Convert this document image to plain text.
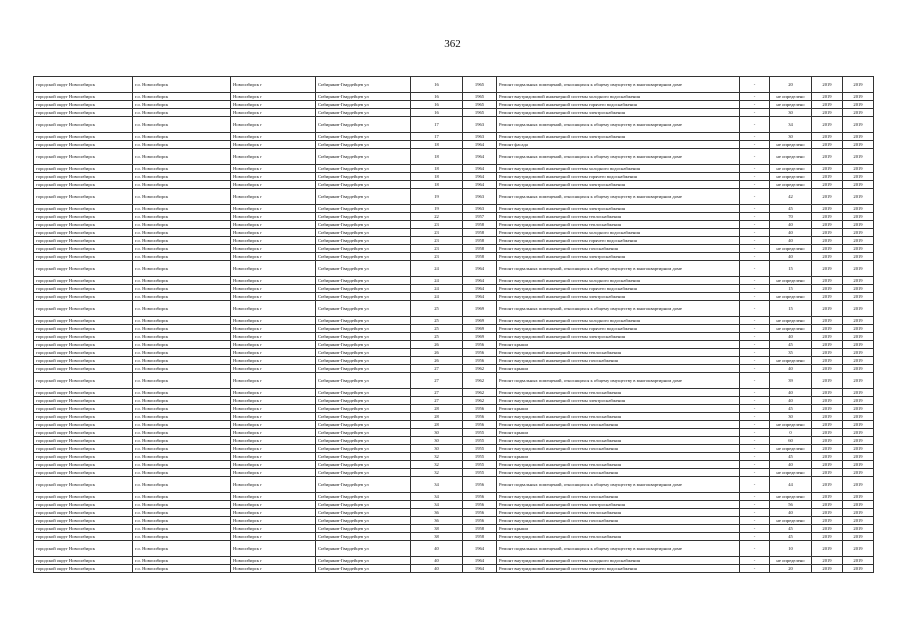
362
городской округ Новосибирск	г.о. Новосибирск	Новосибирск г	Сибиряков-Гвардейцев ул	16	1965	Ремонт подвальных помещений, относящихся к общему имуществу в многоквартирном доме	-	20	2019	2019
городской округ Новосибирск	г.о. Новосибирск	Новосибирск г	Сибиряков-Гвардейцев ул	16	1965	Ремонт внутридомовой инженерной системы холодного водоснабжения	-	не определено	2019	2019
городской округ Новосибирск	г.о. Новосибирск	Новосибирск г	Сибиряков-Гвардейцев ул	16	1965	Ремонт внутридомовой инженерной системы горячего водоснабжения	-	не определено	2019	2019
городской округ Новосибирск	г.о. Новосибирск	Новосибирск г	Сибиряков-Гвардейцев ул	16	1965	Ремонт внутридомовой инженерной системы электроснабжения	-	30	2019	2019
городской округ Новосибирск	г.о. Новосибирск	Новосибирск г	Сибиряков-Гвардейцев ул	17	1963	Ремонт подвальных помещений, относящихся к общему имуществу в многоквартирном доме	-	34	2019	2019
городской округ Новосибирск	г.о. Новосибирск	Новосибирск г	Сибиряков-Гвардейцев ул	17	1963	Ремонт внутридомовой инженерной системы электроснабжения	-	30	2019	2019
городской округ Новосибирск	г.о. Новосибирск	Новосибирск г	Сибиряков-Гвардейцев ул	18	1964	Ремонт фасада	-	не определено	2019	2019
городской округ Новосибирск	г.о. Новосибирск	Новосибирск г	Сибиряков-Гвардейцев ул	18	1964	Ремонт подвальных помещений, относящихся к общему имуществу в многоквартирном доме	-	не определено	2019	2019
городской округ Новосибирск	г.о. Новосибирск	Новосибирск г	Сибиряков-Гвардейцев ул	18	1964	Ремонт внутридомовой инженерной системы холодного водоснабжения	-	не определено	2019	2019
городской округ Новосибирск	г.о. Новосибирск	Новосибирск г	Сибиряков-Гвардейцев ул	18	1964	Ремонт внутридомовой инженерной системы горячего водоснабжения	-	не определено	2019	2019
городской округ Новосибирск	г.о. Новосибирск	Новосибирск г	Сибиряков-Гвардейцев ул	18	1964	Ремонт внутридомовой инженерной системы электроснабжения	-	не определено	2019	2019
городской округ Новосибирск	г.о. Новосибирск	Новосибирск г	Сибиряков-Гвардейцев ул	19	1963	Ремонт подвальных помещений, относящихся к общему имуществу в многоквартирном доме	-	42	2019	2019
городской округ Новосибирск	г.о. Новосибирск	Новосибирск г	Сибиряков-Гвардейцев ул	19	1963	Ремонт внутридомовой инженерной системы электроснабжения	-	45	2019	2019
городской округ Новосибирск	г.о. Новосибирск	Новосибирск г	Сибиряков-Гвардейцев ул	22	1957	Ремонт внутридомовой инженерной системы теплоснабжения	-	70	2019	2019
городской округ Новосибирск	г.о. Новосибирск	Новосибирск г	Сибиряков-Гвардейцев ул	23	1958	Ремонт внутридомовой инженерной системы теплоснабжения	-	40	2019	2019
городской округ Новосибирск	г.о. Новосибирск	Новосибирск г	Сибиряков-Гвардейцев ул	23	1958	Ремонт внутридомовой инженерной системы холодного водоснабжения	-	40	2019	2019
городской округ Новосибирск	г.о. Новосибирск	Новосибирск г	Сибиряков-Гвардейцев ул	23	1958	Ремонт внутридомовой инженерной системы горячего водоснабжения	-	40	2019	2019
городской округ Новосибирск	г.о. Новосибирск	Новосибирск г	Сибиряков-Гвардейцев ул	23	1958	Ремонт внутридомовой инженерной системы газоснабжения	-	не определено	2019	2019
городской округ Новосибирск	г.о. Новосибирск	Новосибирск г	Сибиряков-Гвардейцев ул	23	1958	Ремонт внутридомовой инженерной системы электроснабжения	-	40	2019	2019
городской округ Новосибирск	г.о. Новосибирск	Новосибирск г	Сибиряков-Гвардейцев ул	24	1964	Ремонт подвальных помещений, относящихся к общему имуществу в многоквартирном доме	-	15	2019	2019
городской округ Новосибирск	г.о. Новосибирск	Новосибирск г	Сибиряков-Гвардейцев ул	24	1964	Ремонт внутридомовой инженерной системы холодного водоснабжения	-	не определено	2019	2019
городской округ Новосибирск	г.о. Новосибирск	Новосибирск г	Сибиряков-Гвардейцев ул	24	1964	Ремонт внутридомовой инженерной системы горячего водоснабжения	-	15	2019	2019
городской округ Новосибирск	г.о. Новосибирск	Новосибирск г	Сибиряков-Гвардейцев ул	24	1964	Ремонт внутридомовой инженерной системы электроснабжения	-	не определено	2019	2019
городской округ Новосибирск	г.о. Новосибирск	Новосибирск г	Сибиряков-Гвардейцев ул	25	1969	Ремонт подвальных помещений, относящихся к общему имуществу в многоквартирном доме	-	15	2019	2019
городской округ Новосибирск	г.о. Новосибирск	Новосибирск г	Сибиряков-Гвардейцев ул	25	1969	Ремонт внутридомовой инженерной системы холодного водоснабжения	-	не определено	2019	2019
городской округ Новосибирск	г.о. Новосибирск	Новосибирск г	Сибиряков-Гвардейцев ул	25	1969	Ремонт внутридомовой инженерной системы горячего водоснабжения	-	не определено	2019	2019
городской округ Новосибирск	г.о. Новосибирск	Новосибирск г	Сибиряков-Гвардейцев ул	25	1969	Ремонт внутридомовой инженерной системы электроснабжения	-	40	2019	2019
городской округ Новосибирск	г.о. Новосибирск	Новосибирск г	Сибиряков-Гвардейцев ул	26	1956	Ремонт крыши	-	45	2019	2019
городской округ Новосибирск	г.о. Новосибирск	Новосибирск г	Сибиряков-Гвардейцев ул	26	1956	Ремонт внутридомовой инженерной системы теплоснабжения	-	35	2019	2019
городской округ Новосибирск	г.о. Новосибирск	Новосибирск г	Сибиряков-Гвардейцев ул	26	1956	Ремонт внутридомовой инженерной системы газоснабжения	-	не определено	2019	2019
городской округ Новосибирск	г.о. Новосибирск	Новосибирск г	Сибиряков-Гвардейцев ул	27	1962	Ремонт крыши	-	40	2019	2019
городской округ Новосибирск	г.о. Новосибирск	Новосибирск г	Сибиряков-Гвардейцев ул	27	1962	Ремонт подвальных помещений, относящихся к общему имуществу в многоквартирном доме	-	39	2019	2019
городской округ Новосибирск	г.о. Новосибирск	Новосибирск г	Сибиряков-Гвардейцев ул	27	1962	Ремонт внутридомовой инженерной системы теплоснабжения	-	40	2019	2019
городской округ Новосибирск	г.о. Новосибирск	Новосибирск г	Сибиряков-Гвардейцев ул	27	1962	Ремонт внутридомовой инженерной системы электроснабжения	-	40	2019	2019
городской округ Новосибирск	г.о. Новосибирск	Новосибирск г	Сибиряков-Гвардейцев ул	28	1956	Ремонт крыши	-	45	2019	2019
городской округ Новосибирск	г.о. Новосибирск	Новосибирск г	Сибиряков-Гвардейцев ул	28	1956	Ремонт внутридомовой инженерной системы теплоснабжения	-	30	2019	2019
городской округ Новосибирск	г.о. Новосибирск	Новосибирск г	Сибиряков-Гвардейцев ул	28	1956	Ремонт внутридомовой инженерной системы газоснабжения	-	не определено	2019	2019
городской округ Новосибирск	г.о. Новосибирск	Новосибирск г	Сибиряков-Гвардейцев ул	30	1955	Ремонт крыши	-	0	2019	2019
городской округ Новосибирск	г.о. Новосибирск	Новосибирск г	Сибиряков-Гвардейцев ул	30	1955	Ремонт внутридомовой инженерной системы теплоснабжения	-	60	2019	2019
городской округ Новосибирск	г.о. Новосибирск	Новосибирск г	Сибиряков-Гвардейцев ул	30	1955	Ремонт внутридомовой инженерной системы газоснабжения	-	не определено	2019	2019
городской округ Новосибирск	г.о. Новосибирск	Новосибирск г	Сибиряков-Гвардейцев ул	32	1955	Ремонт крыши	-	45	2019	2019
городской округ Новосибирск	г.о. Новосибирск	Новосибирск г	Сибиряков-Гвардейцев ул	32	1955	Ремонт внутридомовой инженерной системы теплоснабжения	-	40	2019	2019
городской округ Новосибирск	г.о. Новосибирск	Новосибирск г	Сибиряков-Гвардейцев ул	32	1955	Ремонт внутридомовой инженерной системы газоснабжения	-	не определено	2019	2019
городской округ Новосибирск	г.о. Новосибирск	Новосибирск г	Сибиряков-Гвардейцев ул	34	1956	Ремонт подвальных помещений, относящихся к общему имуществу в многоквартирном доме	-	44	2019	2019
городской округ Новосибирск	г.о. Новосибирск	Новосибирск г	Сибиряков-Гвардейцев ул	34	1956	Ремонт внутридомовой инженерной системы газоснабжения	-	не определено	2019	2019
городской округ Новосибирск	г.о. Новосибирск	Новосибирск г	Сибиряков-Гвардейцев ул	34	1956	Ремонт внутридомовой инженерной системы электроснабжения	-	56	2019	2019
городской округ Новосибирск	г.о. Новосибирск	Новосибирск г	Сибиряков-Гвардейцев ул	36	1956	Ремонт внутридомовой инженерной системы теплоснабжения	-	40	2019	2019
городской округ Новосибирск	г.о. Новосибирск	Новосибирск г	Сибиряков-Гвардейцев ул	36	1956	Ремонт внутридомовой инженерной системы газоснабжения	-	не определено	2019	2019
городской округ Новосибирск	г.о. Новосибирск	Новосибирск г	Сибиряков-Гвардейцев ул	38	1958	Ремонт крыши	-	45	2019	2019
городской округ Новосибирск	г.о. Новосибирск	Новосибирск г	Сибиряков-Гвардейцев ул	38	1958	Ремонт внутридомовой инженерной системы теплоснабжения	-	45	2019	2019
городской округ Новосибирск	г.о. Новосибирск	Новосибирск г	Сибиряков-Гвардейцев ул	40	1964	Ремонт подвальных помещений, относящихся к общему имуществу в многоквартирном доме	-	10	2019	2019
городской округ Новосибирск	г.о. Новосибирск	Новосибирск г	Сибиряков-Гвардейцев ул	40	1964	Ремонт внутридомовой инженерной системы холодного водоснабжения	-	не определено	2019	2019
городской округ Новосибирск	г.о. Новосибирск	Новосибирск г	Сибиряков-Гвардейцев ул	40	1964	Ремонт внутридомовой инженерной системы горячего водоснабжения	-	20	2019	2019
